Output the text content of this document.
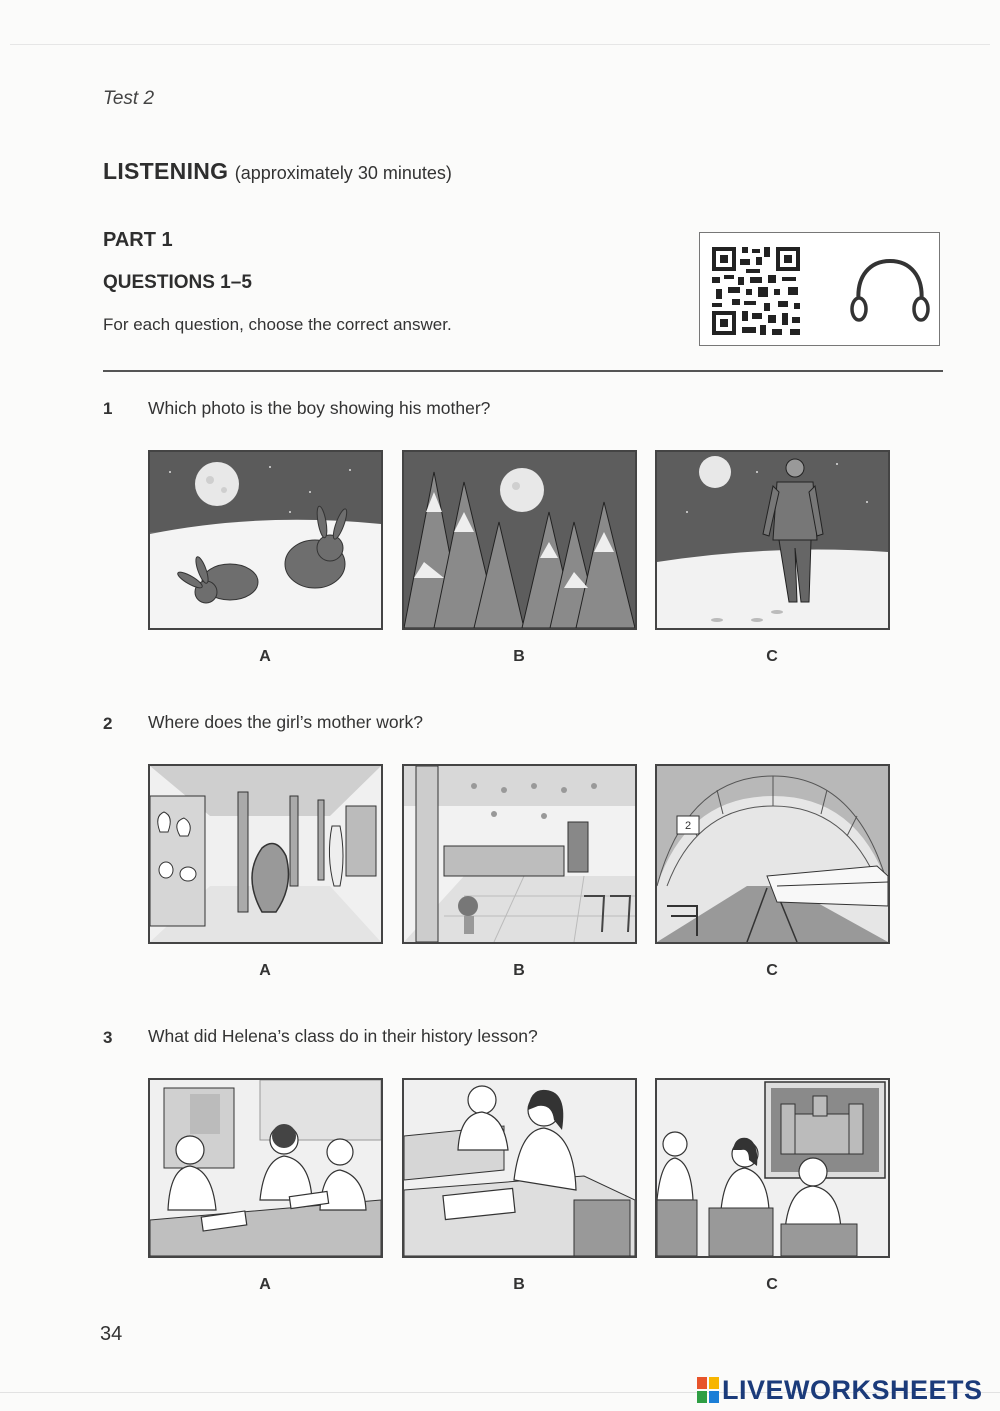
Test 2
LISTENING (approximately 30 minutes)
PART 1
QUESTIONS 1–5
For each question, choose the correct answer.
1 Which photo is the boy showing his mother?
A	B	C
2 Where does the girl’s mother work?
2
A	B	C
3 What did Helena’s class do in their history lesson?
A	B	C
34
LIVEWORKSHEETS
